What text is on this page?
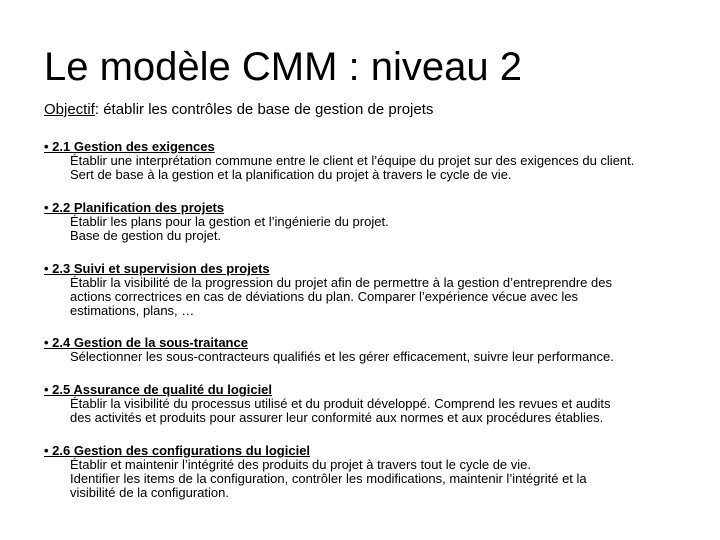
Le modèle CMM : niveau 2
Objectif: établir les contrôles de base de gestion de projets
• 2.1 Gestion des exigences
Établir une interprétation commune entre le client et l’équipe du projet sur des exigences du client.
Sert de base à la gestion et la planification du projet à travers le cycle de vie.
• 2.2 Planification des projets
Établir les plans pour la gestion et l’ingénierie du projet.
Base de gestion du projet.
• 2.3 Suivi et supervision des projets
Établir la visibilité de la progression du projet afin de permettre à la gestion d’entreprendre des
actions correctrices en cas de déviations du plan. Comparer l’expérience vécue avec les
estimations, plans, …
• 2.4 Gestion de la sous-traitance
Sélectionner les sous-contracteurs qualifiés et les gérer efficacement, suivre leur performance.
• 2.5 Assurance de qualité du logiciel
Établir la visibilité du processus utilisé et du produit développé. Comprend les revues et audits
des activités et produits pour assurer leur conformité aux normes et aux procédures établies.
• 2.6 Gestion des configurations du logiciel
Établir et maintenir l’intégrité des produits du projet à travers tout le cycle de vie.
Identifier les items de la configuration, contrôler les modifications, maintenir l’intégrité et la
visibilité de la configuration.
